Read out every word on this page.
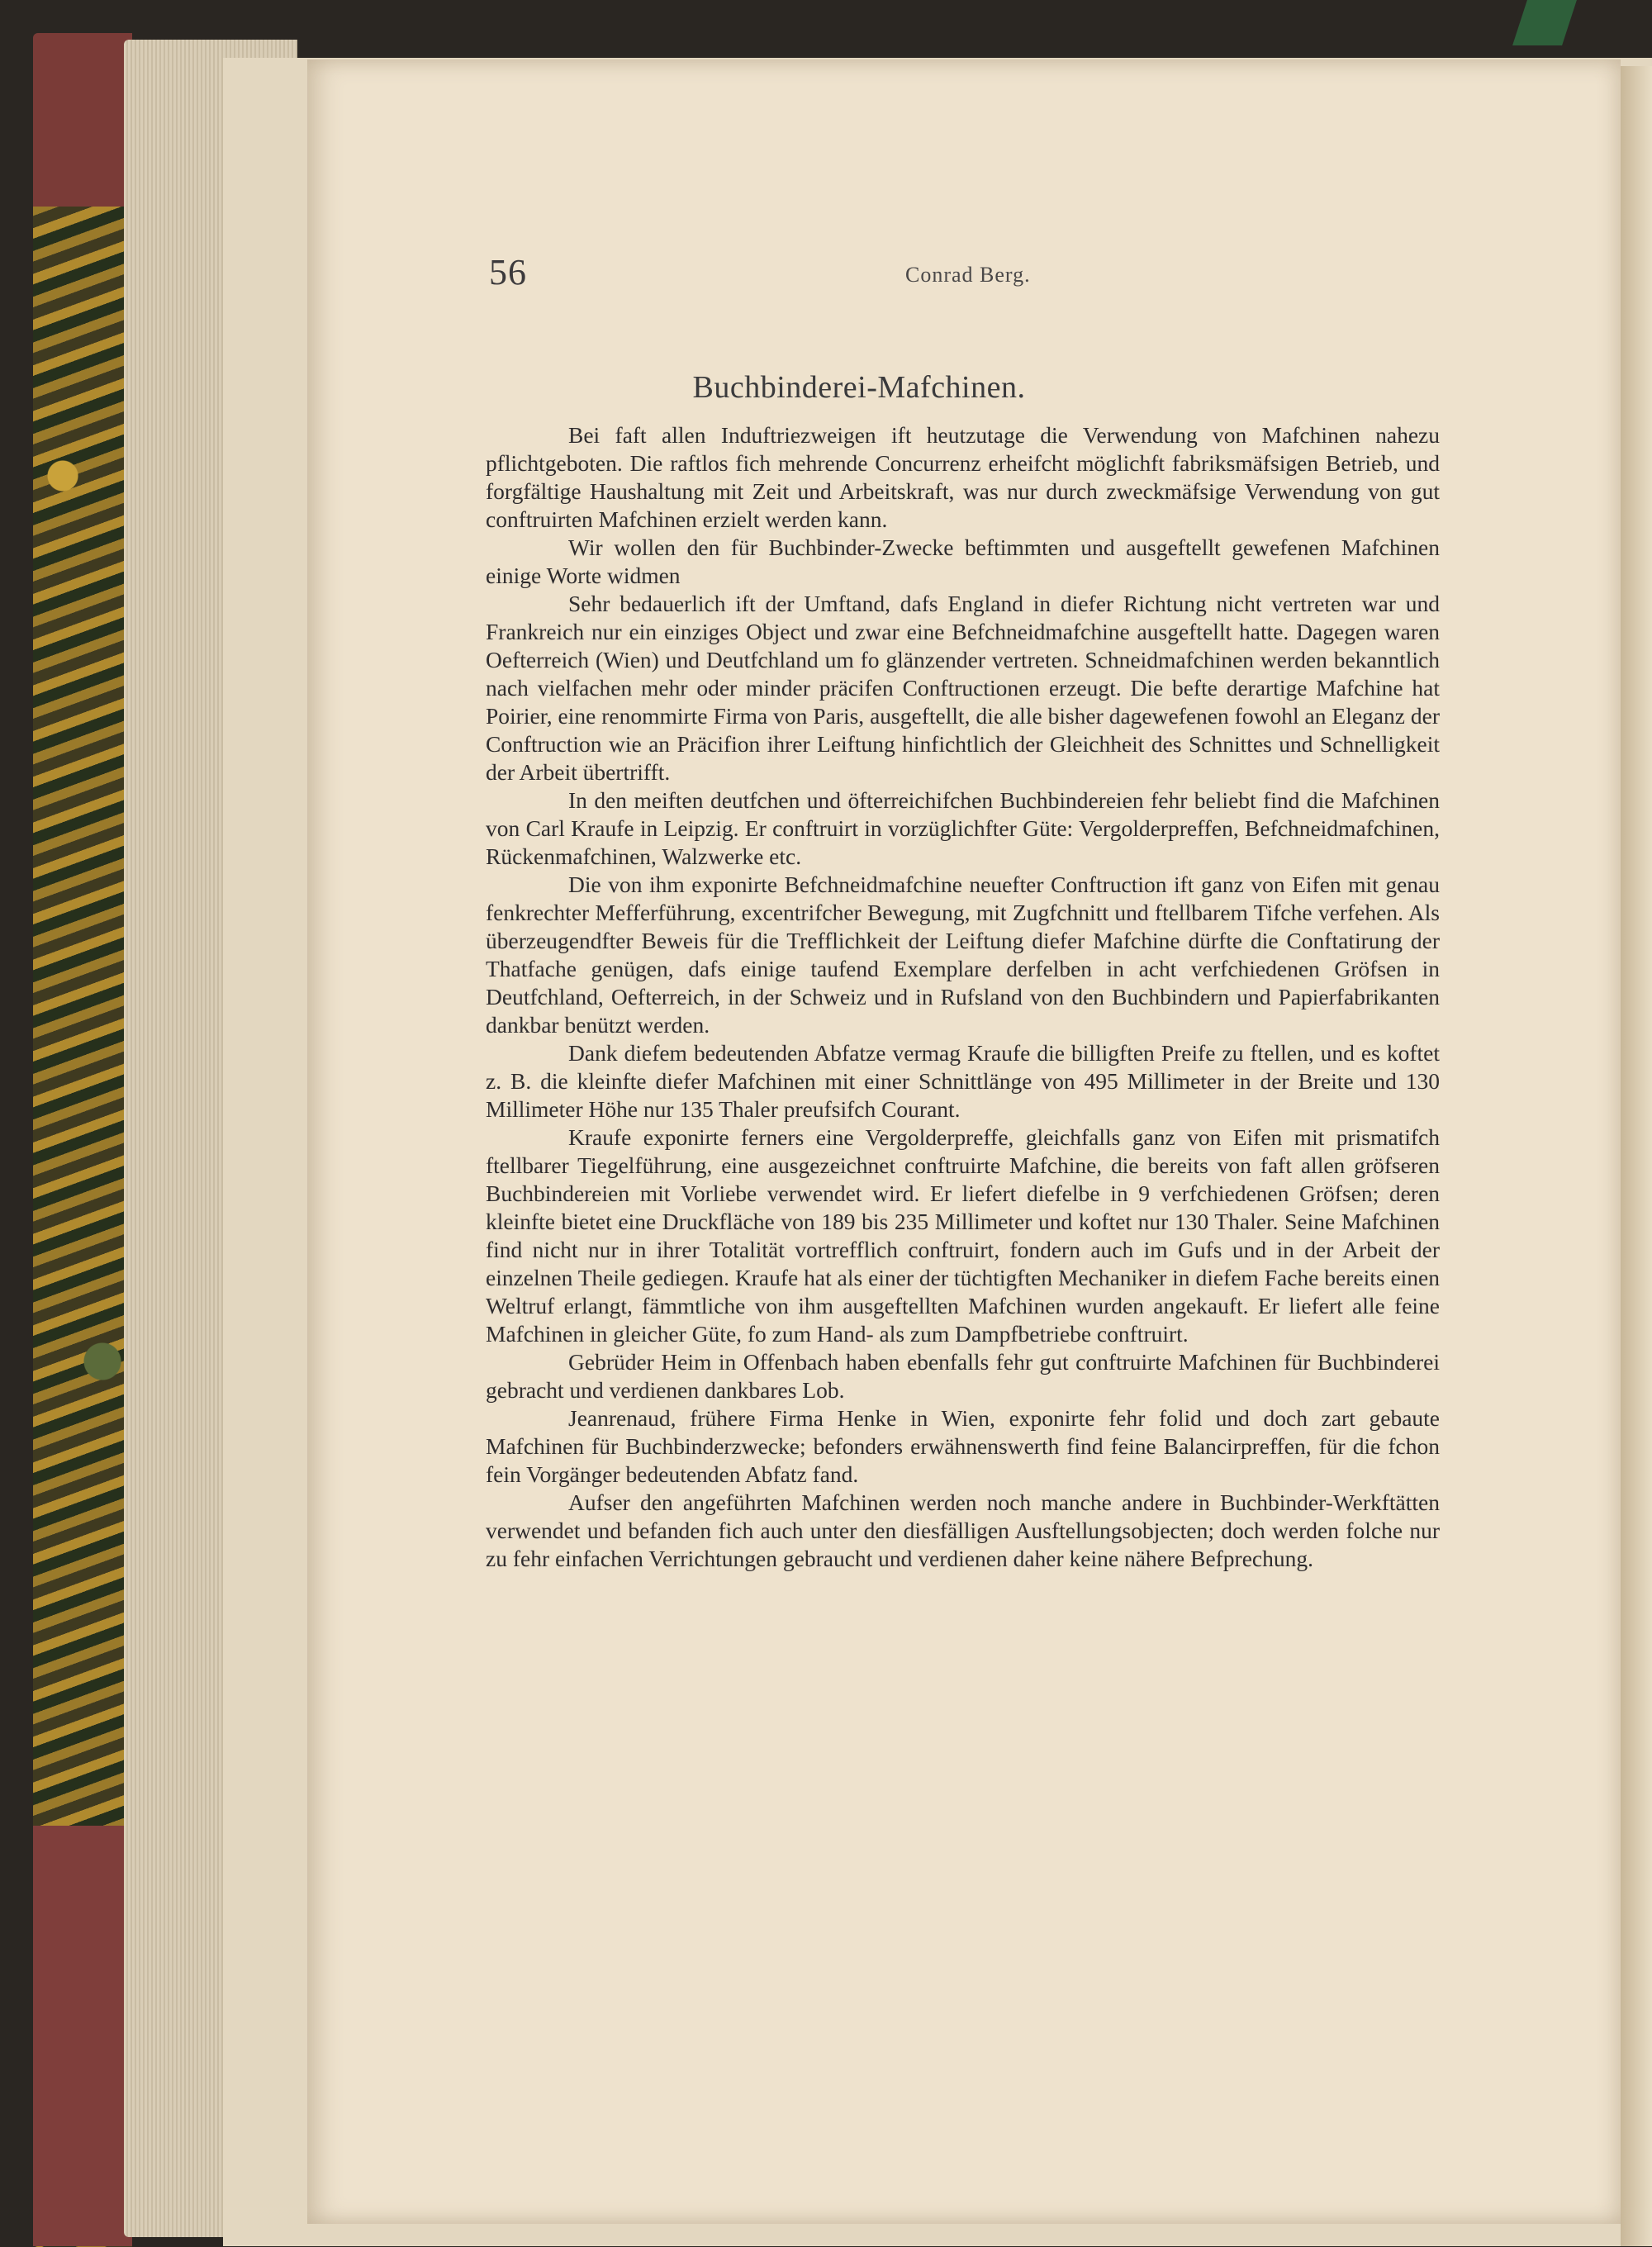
56	Conrad Berg.
Buchbinderei-Mafchinen.

Bei faft allen Induftriezweigen ift heutzutage die Verwendung von Mafchinen nahezu pflichtgeboten. Die raftlos fich mehrende Concurrenz erheifcht möglichft fabriksmäfsigen Betrieb, und forgfältige Haushaltung mit Zeit und Arbeitskraft, was nur durch zweckmäfsige Verwendung von gut conftruirten Mafchinen erzielt werden kann.

Wir wollen den für Buchbinder-Zwecke beftimmten und ausgeftellt gewefenen Mafchinen einige Worte widmen

Sehr bedauerlich ift der Umftand, dafs England in diefer Richtung nicht vertreten war und Frankreich nur ein einziges Object und zwar eine Befchneidmafchine ausgeftellt hatte. Dagegen waren Oefterreich (Wien) und Deutfchland um fo glänzender vertreten. Schneidmafchinen werden bekanntlich nach vielfachen mehr oder minder präcifen Conftructionen erzeugt. Die befte derartige Mafchine hat Poirier, eine renommirte Firma von Paris, ausgeftellt, die alle bisher dagewefenen fowohl an Eleganz der Conftruction wie an Präcifion ihrer Leiftung hinfichtlich der Gleichheit des Schnittes und Schnelligkeit der Arbeit übertrifft.

In den meiften deutfchen und öfterreichifchen Buchbindereien fehr beliebt find die Mafchinen von Carl Kraufe in Leipzig. Er conftruirt in vorzüglichfter Güte: Vergolderpreffen, Befchneidmafchinen, Rückenmafchinen, Walzwerke etc.

Die von ihm exponirte Befchneidmafchine neuefter Conftruction ift ganz von Eifen mit genau fenkrechter Mefferführung, excentrifcher Bewegung, mit Zugfchnitt und ftellbarem Tifche verfehen. Als überzeugendfter Beweis für die Trefflichkeit der Leiftung diefer Mafchine dürfte die Conftatirung der Thatfache genügen, dafs einige taufend Exemplare derfelben in acht verfchiedenen Gröfsen in Deutfchland, Oefterreich, in der Schweiz und in Rufsland von den Buchbindern und Papierfabrikanten dankbar benützt werden.

Dank diefem bedeutenden Abfatze vermag Kraufe die billigften Preife zu ftellen, und es koftet z. B. die kleinfte diefer Mafchinen mit einer Schnittlänge von 495 Millimeter in der Breite und 130 Millimeter Höhe nur 135 Thaler preufsifch Courant.

Kraufe exponirte ferners eine Vergolderpreffe, gleichfalls ganz von Eifen mit prismatifch ftellbarer Tiegelführung, eine ausgezeichnet conftruirte Mafchine, die bereits von faft allen gröfseren Buchbindereien mit Vorliebe verwendet wird. Er liefert diefelbe in 9 verfchiedenen Gröfsen; deren kleinfte bietet eine Druckfläche von 189 bis 235 Millimeter und koftet nur 130 Thaler. Seine Mafchinen find nicht nur in ihrer Totalität vortrefflich conftruirt, fondern auch im Gufs und in der Arbeit der einzelnen Theile gediegen. Kraufe hat als einer der tüchtigften Mechaniker in diefem Fache bereits einen Weltruf erlangt, fämmtliche von ihm ausgeftellten Mafchinen wurden angekauft. Er liefert alle feine Mafchinen in gleicher Güte, fo zum Hand- als zum Dampfbetriebe conftruirt.

Gebrüder Heim in Offenbach haben ebenfalls fehr gut conftruirte Mafchinen für Buchbinderei gebracht und verdienen dankbares Lob.

Jeanrenaud, frühere Firma Henke in Wien, exponirte fehr folid und doch zart gebaute Mafchinen für Buchbinderzwecke; befonders erwähnenswerth find feine Balancirpreffen, für die fchon fein Vorgänger bedeutenden Abfatz fand.

Aufser den angeführten Mafchinen werden noch manche andere in Buchbinder-Werkftätten verwendet und befanden fich auch unter den diesfälligen Ausftellungsobjecten; doch werden folche nur zu fehr einfachen Verrichtungen gebraucht und verdienen daher keine nähere Befprechung.
